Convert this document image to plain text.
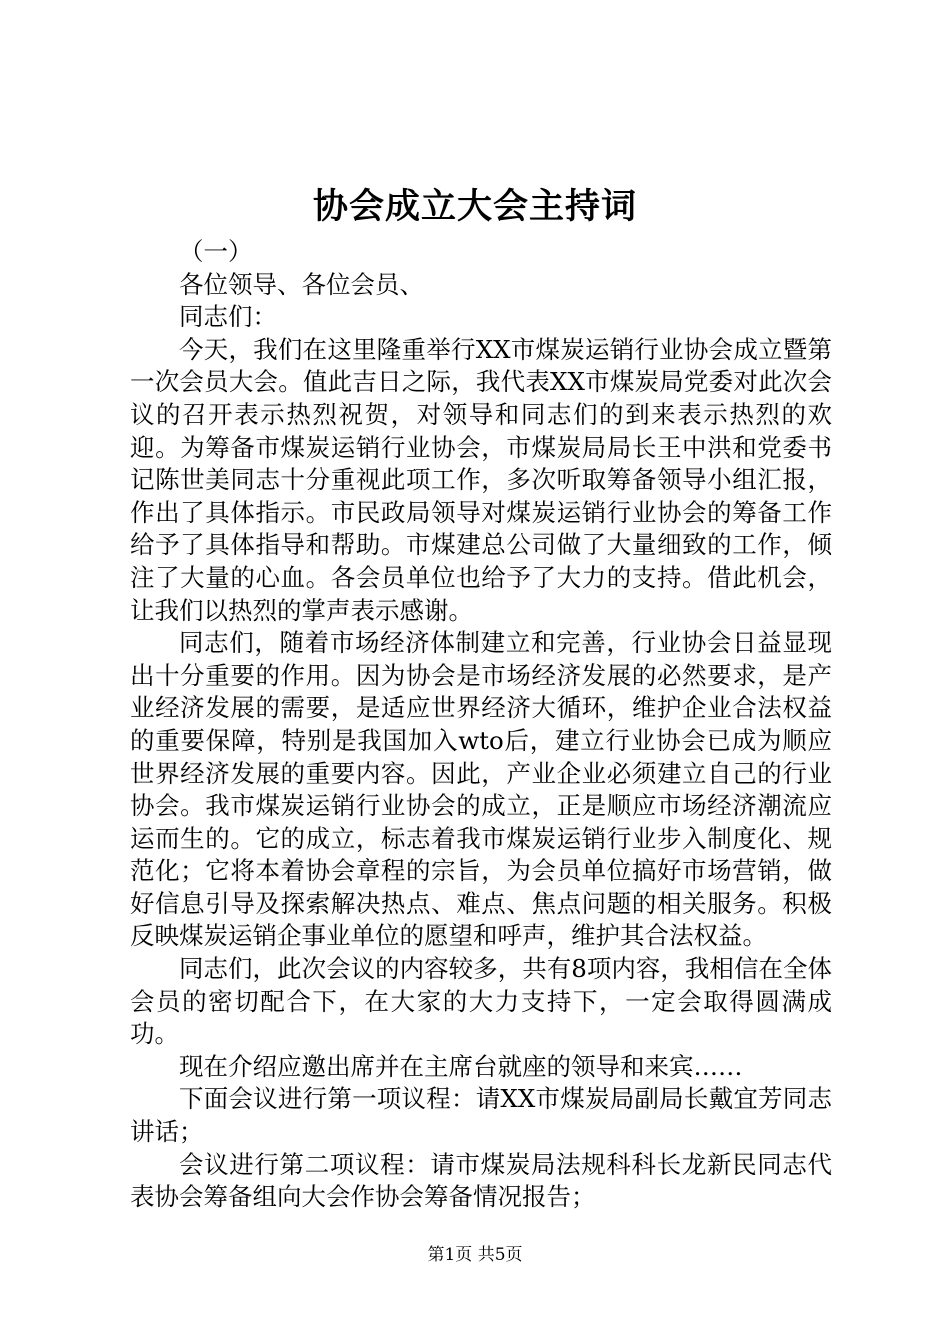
协会成立大会主持词

（一）

各位领导、各位会员、

同志们：

今天，我们在这里隆重举行XX市煤炭运销行业协会成立暨第一次会员大会。值此吉日之际，我代表XX市煤炭局党委对此次会议的召开表示热烈祝贺，对领导和同志们的到来表示热烈的欢迎。为筹备市煤炭运销行业协会，市煤炭局局长王中洪和党委书记陈世美同志十分重视此项工作，多次听取筹备领导小组汇报，作出了具体指示。市民政局领导对煤炭运销行业协会的筹备工作给予了具体指导和帮助。市煤建总公司做了大量细致的工作，倾注了大量的心血。各会员单位也给予了大力的支持。借此机会，让我们以热烈的掌声表示感谢。

同志们，随着市场经济体制建立和完善，行业协会日益显现出十分重要的作用。因为协会是市场经济发展的必然要求，是产业经济发展的需要，是适应世界经济大循环，维护企业合法权益的重要保障，特别是我国加入wto后，建立行业协会已成为顺应世界经济发展的重要内容。因此，产业企业必须建立自己的行业协会。我市煤炭运销行业协会的成立，正是顺应市场经济潮流应运而生的。它的成立，标志着我市煤炭运销行业步入制度化、规范化；它将本着协会章程的宗旨，为会员单位搞好市场营销，做好信息引导及探索解决热点、难点、焦点问题的相关服务。积极反映煤炭运销企事业单位的愿望和呼声，维护其合法权益。

同志们，此次会议的内容较多，共有8项内容，我相信在全体会员的密切配合下，在大家的大力支持下，一定会取得圆满成功。

现在介绍应邀出席并在主席台就座的领导和来宾……

下面会议进行第一项议程：请XX市煤炭局副局长戴宜芳同志讲话；

会议进行第二项议程：请市煤炭局法规科科长龙新民同志代表协会筹备组向大会作协会筹备情况报告；

第1页 共5页
